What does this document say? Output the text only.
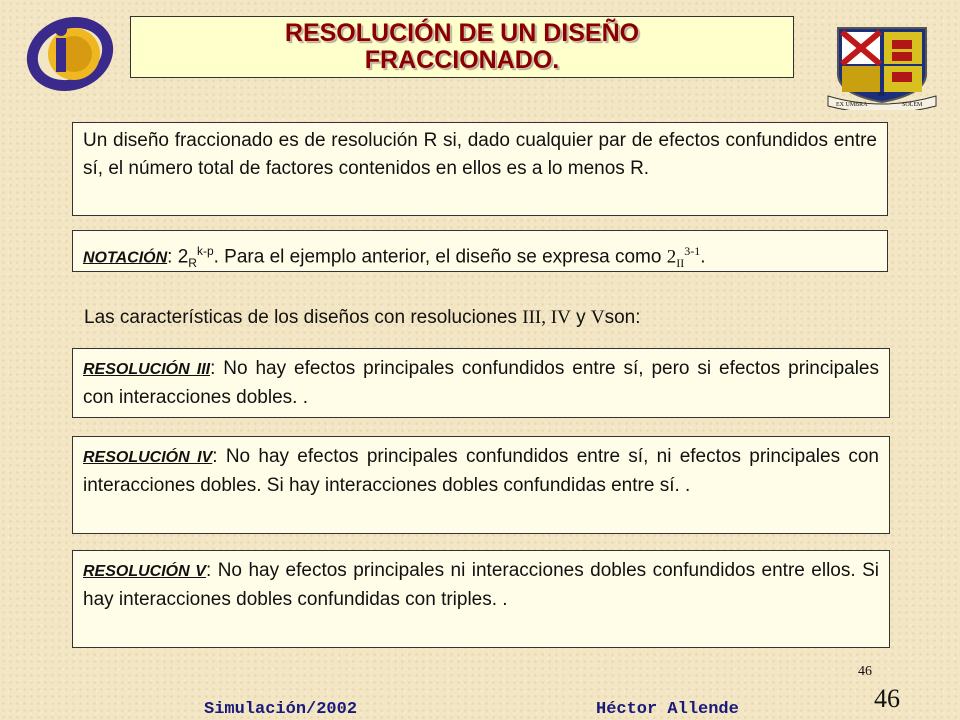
RESOLUCIÓN DE UN DISEÑO
FRACCIONADO.
EX UMBRA
IN
SOLEM
Un diseño fraccionado es de resolución R si, dado cualquier par de efectos confundidos entre sí, el número total de factores contenidos en ellos es a lo menos R.
NOTACIÓN: $2_R^{k-p}$. Para el ejemplo anterior, el diseño se expresa como $2_{II}^{3-1}$.
Las características de los diseños con resoluciones III, IV y Vson:
RESOLUCIÓN III: No hay efectos principales confundidos entre sí, pero si efectos principales con interacciones dobles. .
RESOLUCIÓN IV: No hay efectos principales confundidos entre sí, ni efectos principales con interacciones dobles. Si hay interacciones dobles confundidas entre sí. .
RESOLUCIÓN V: No hay efectos principales ni interacciones dobles confundidos entre ellos. Si hay interacciones dobles confundidas con triples. .
46
46
Simulación/2002	Héctor Allende
